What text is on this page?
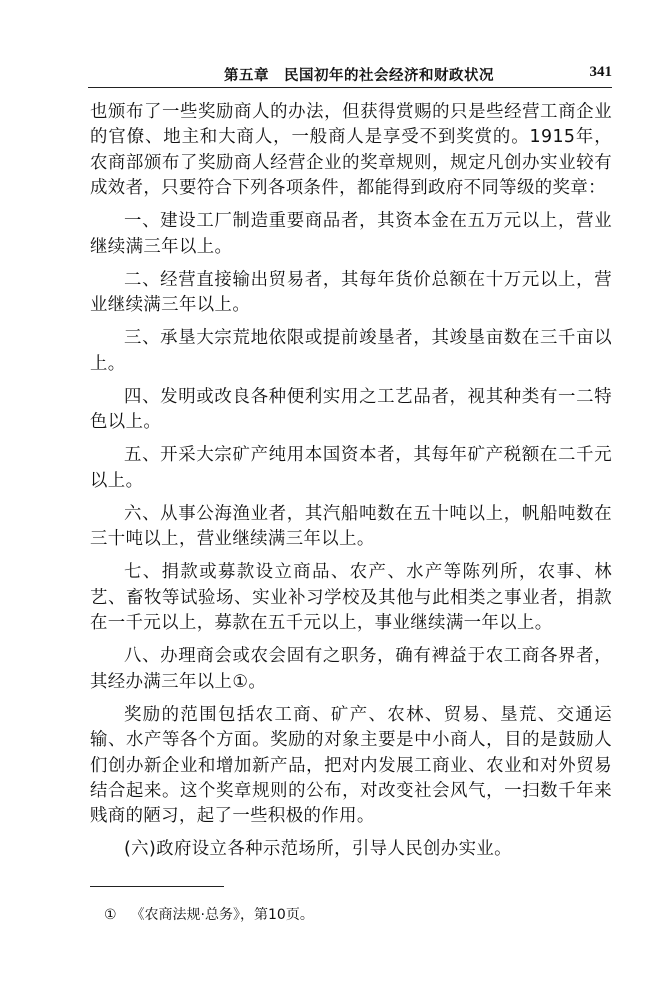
第五章　民国初年的社会经济和财政状况	341

也颁布了一些奖励商人的办法，但获得赏赐的只是些经营工商企业的官僚、地主和大商人，一般商人是享受不到奖赏的。1915年，农商部颁布了奖励商人经营企业的奖章规则，规定凡创办实业较有成效者，只要符合下列各项条件，都能得到政府不同等级的奖章：

一、建设工厂制造重要商品者，其资本金在五万元以上，营业继续满三年以上。

二、经营直接输出贸易者，其每年货价总额在十万元以上，营业继续满三年以上。

三、承垦大宗荒地依限或提前竣垦者，其竣垦亩数在三千亩以上。

四、发明或改良各种便利实用之工艺品者，视其种类有一二特色以上。

五、开采大宗矿产纯用本国资本者，其每年矿产税额在二千元以上。

六、从事公海渔业者，其汽船吨数在五十吨以上，帆船吨数在三十吨以上，营业继续满三年以上。

七、捐款或募款设立商品、农产、水产等陈列所，农事、林艺、畜牧等试验场、实业补习学校及其他与此相类之事业者，捐款在一千元以上，募款在五千元以上，事业继续满一年以上。

八、办理商会或农会固有之职务，确有裨益于农工商各界者，其经办满三年以上①。

奖励的范围包括农工商、矿产、农林、贸易、垦荒、交通运输、水产等各个方面。奖励的对象主要是中小商人，目的是鼓励人们创办新企业和增加新产品，把对内发展工商业、农业和对外贸易结合起来。这个奖章规则的公布，对改变社会风气，一扫数千年来贱商的陋习，起了一些积极的作用。

(六)政府设立各种示范场所，引导人民创办实业。

① 《农商法规·总务》，第10页。
